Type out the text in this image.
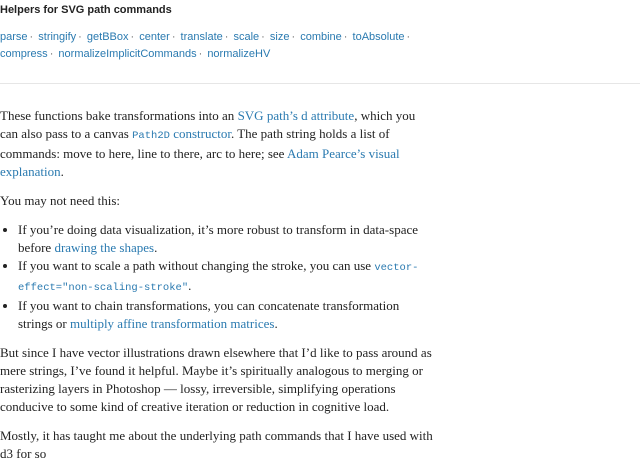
Helpers for SVG path commands
parse · stringify · getBBox · center · translate · scale · size · combine · toAbsolute · compress · normalizeImplicitCommands · normalizeHV

These functions bake transformations into an SVG path’s d attribute, which you can also pass to a canvas Path2D constructor. The path string holds a list of commands: move to here, line to there, arc to here; see Adam Pearce’s visual explanation.

You may not need this:

• If you’re doing data visualization, it’s more robust to transform in data-space before drawing the shapes.
• If you want to scale a path without changing the stroke, you can use vector-effect="non-scaling-stroke".
• If you want to chain transformations, you can concatenate transformation strings or multiply affine transformation matrices.

But since I have vector illustrations drawn elsewhere that I’d like to pass around as mere strings, I’ve found it helpful. Maybe it’s spiritually analogous to merging or rasterizing layers in Photoshop — lossy, irreversible, simplifying operations conducive to some kind of creative iteration or reduction in cognitive load.

Mostly, it has taught me about the underlying path commands that I have used with d3 for so
